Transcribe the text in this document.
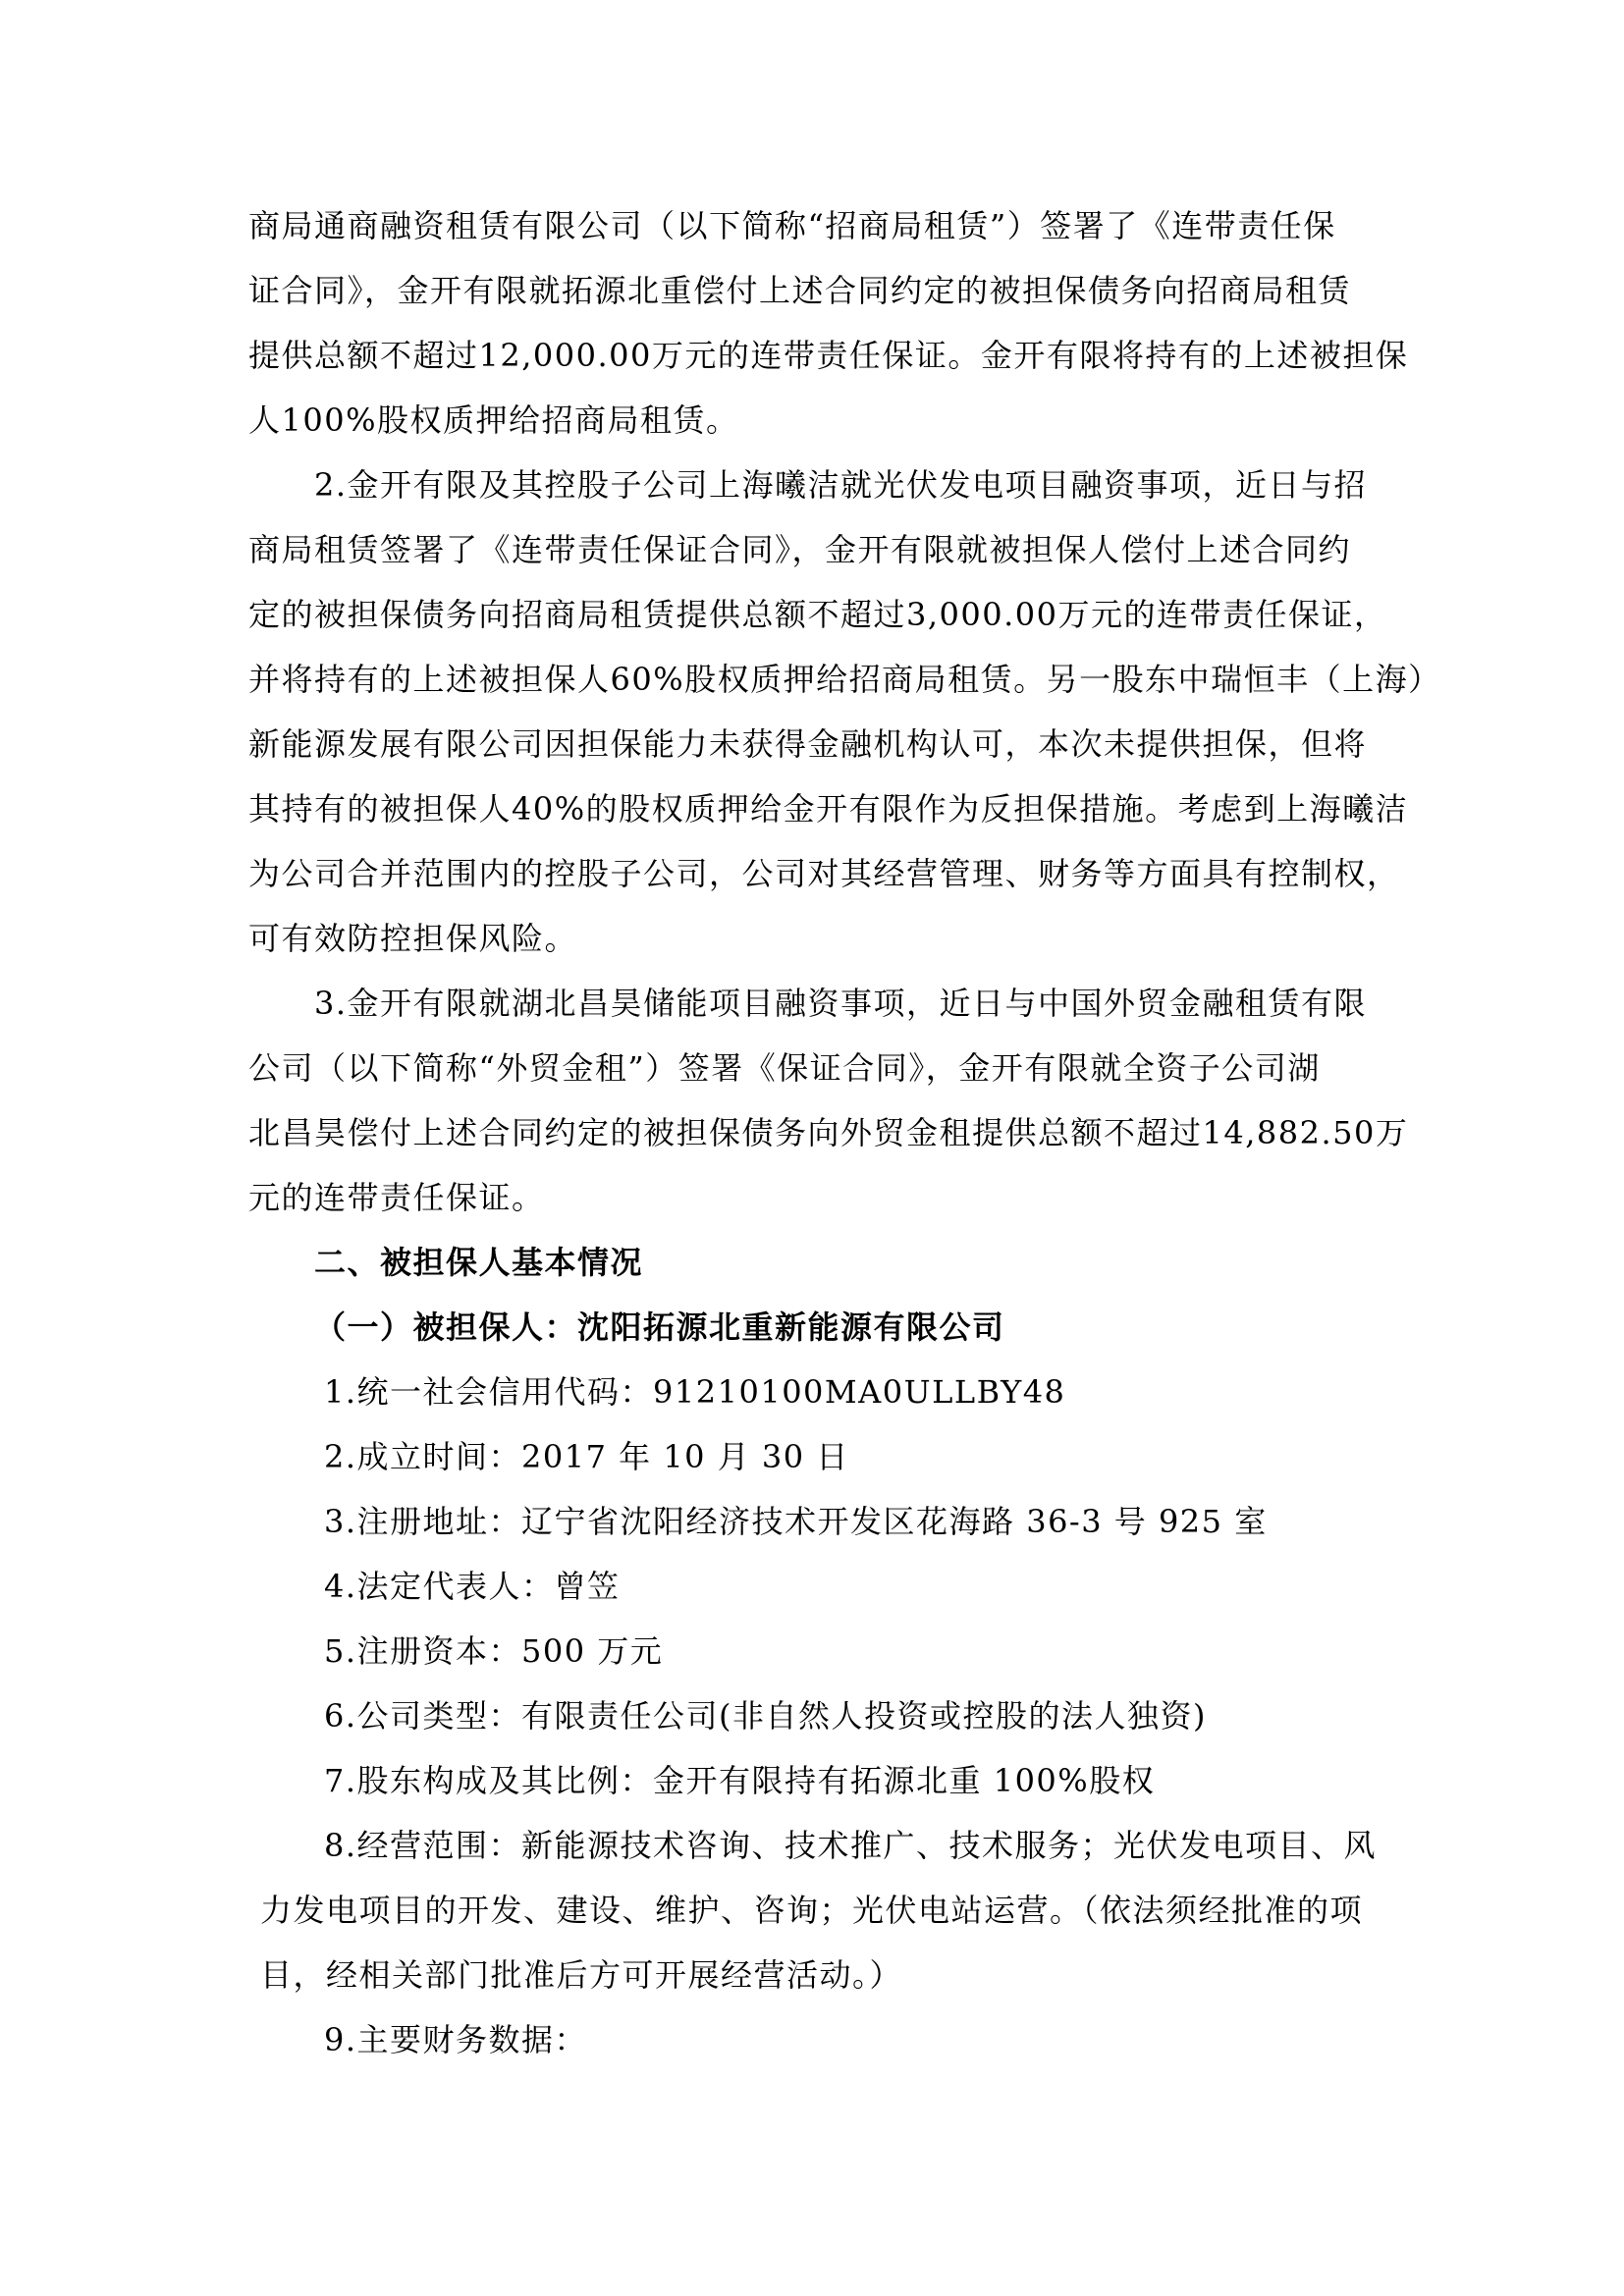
商局通商融资租赁有限公司（以下简称“招商局租赁”）签署了《连带责任保
证合同》，金开有限就拓源北重偿付上述合同约定的被担保债务向招商局租赁
提供总额不超过12,000.00万元的连带责任保证。金开有限将持有的上述被担保
人100%股权质押给招商局租赁。
2.金开有限及其控股子公司上海曦洁就光伏发电项目融资事项，近日与招
商局租赁签署了《连带责任保证合同》，金开有限就被担保人偿付上述合同约
定的被担保债务向招商局租赁提供总额不超过3,000.00万元的连带责任保证，
并将持有的上述被担保人60%股权质押给招商局租赁。另一股东中瑞恒丰（上海）
新能源发展有限公司因担保能力未获得金融机构认可，本次未提供担保，但将
其持有的被担保人40%的股权质押给金开有限作为反担保措施。考虑到上海曦洁
为公司合并范围内的控股子公司，公司对其经营管理、财务等方面具有控制权，
可有效防控担保风险。
3.金开有限就湖北昌昊储能项目融资事项，近日与中国外贸金融租赁有限
公司（以下简称“外贸金租”）签署《保证合同》，金开有限就全资子公司湖
北昌昊偿付上述合同约定的被担保债务向外贸金租提供总额不超过14,882.50万
元的连带责任保证。
二、被担保人基本情况
（一）被担保人：沈阳拓源北重新能源有限公司
1.统一社会信用代码：91210100MA0ULLBY48
2.成立时间：2017 年 10 月 30 日
3.注册地址：辽宁省沈阳经济技术开发区花海路 36-3 号 925 室
4.法定代表人：曾笠
5.注册资本：500 万元
6.公司类型：有限责任公司(非自然人投资或控股的法人独资)
7.股东构成及其比例：金开有限持有拓源北重 100%股权
8.经营范围：新能源技术咨询、技术推广、技术服务；光伏发电项目、风
力发电项目的开发、建设、维护、咨询；光伏电站运营。（依法须经批准的项
目，经相关部门批准后方可开展经营活动。）
9.主要财务数据：
